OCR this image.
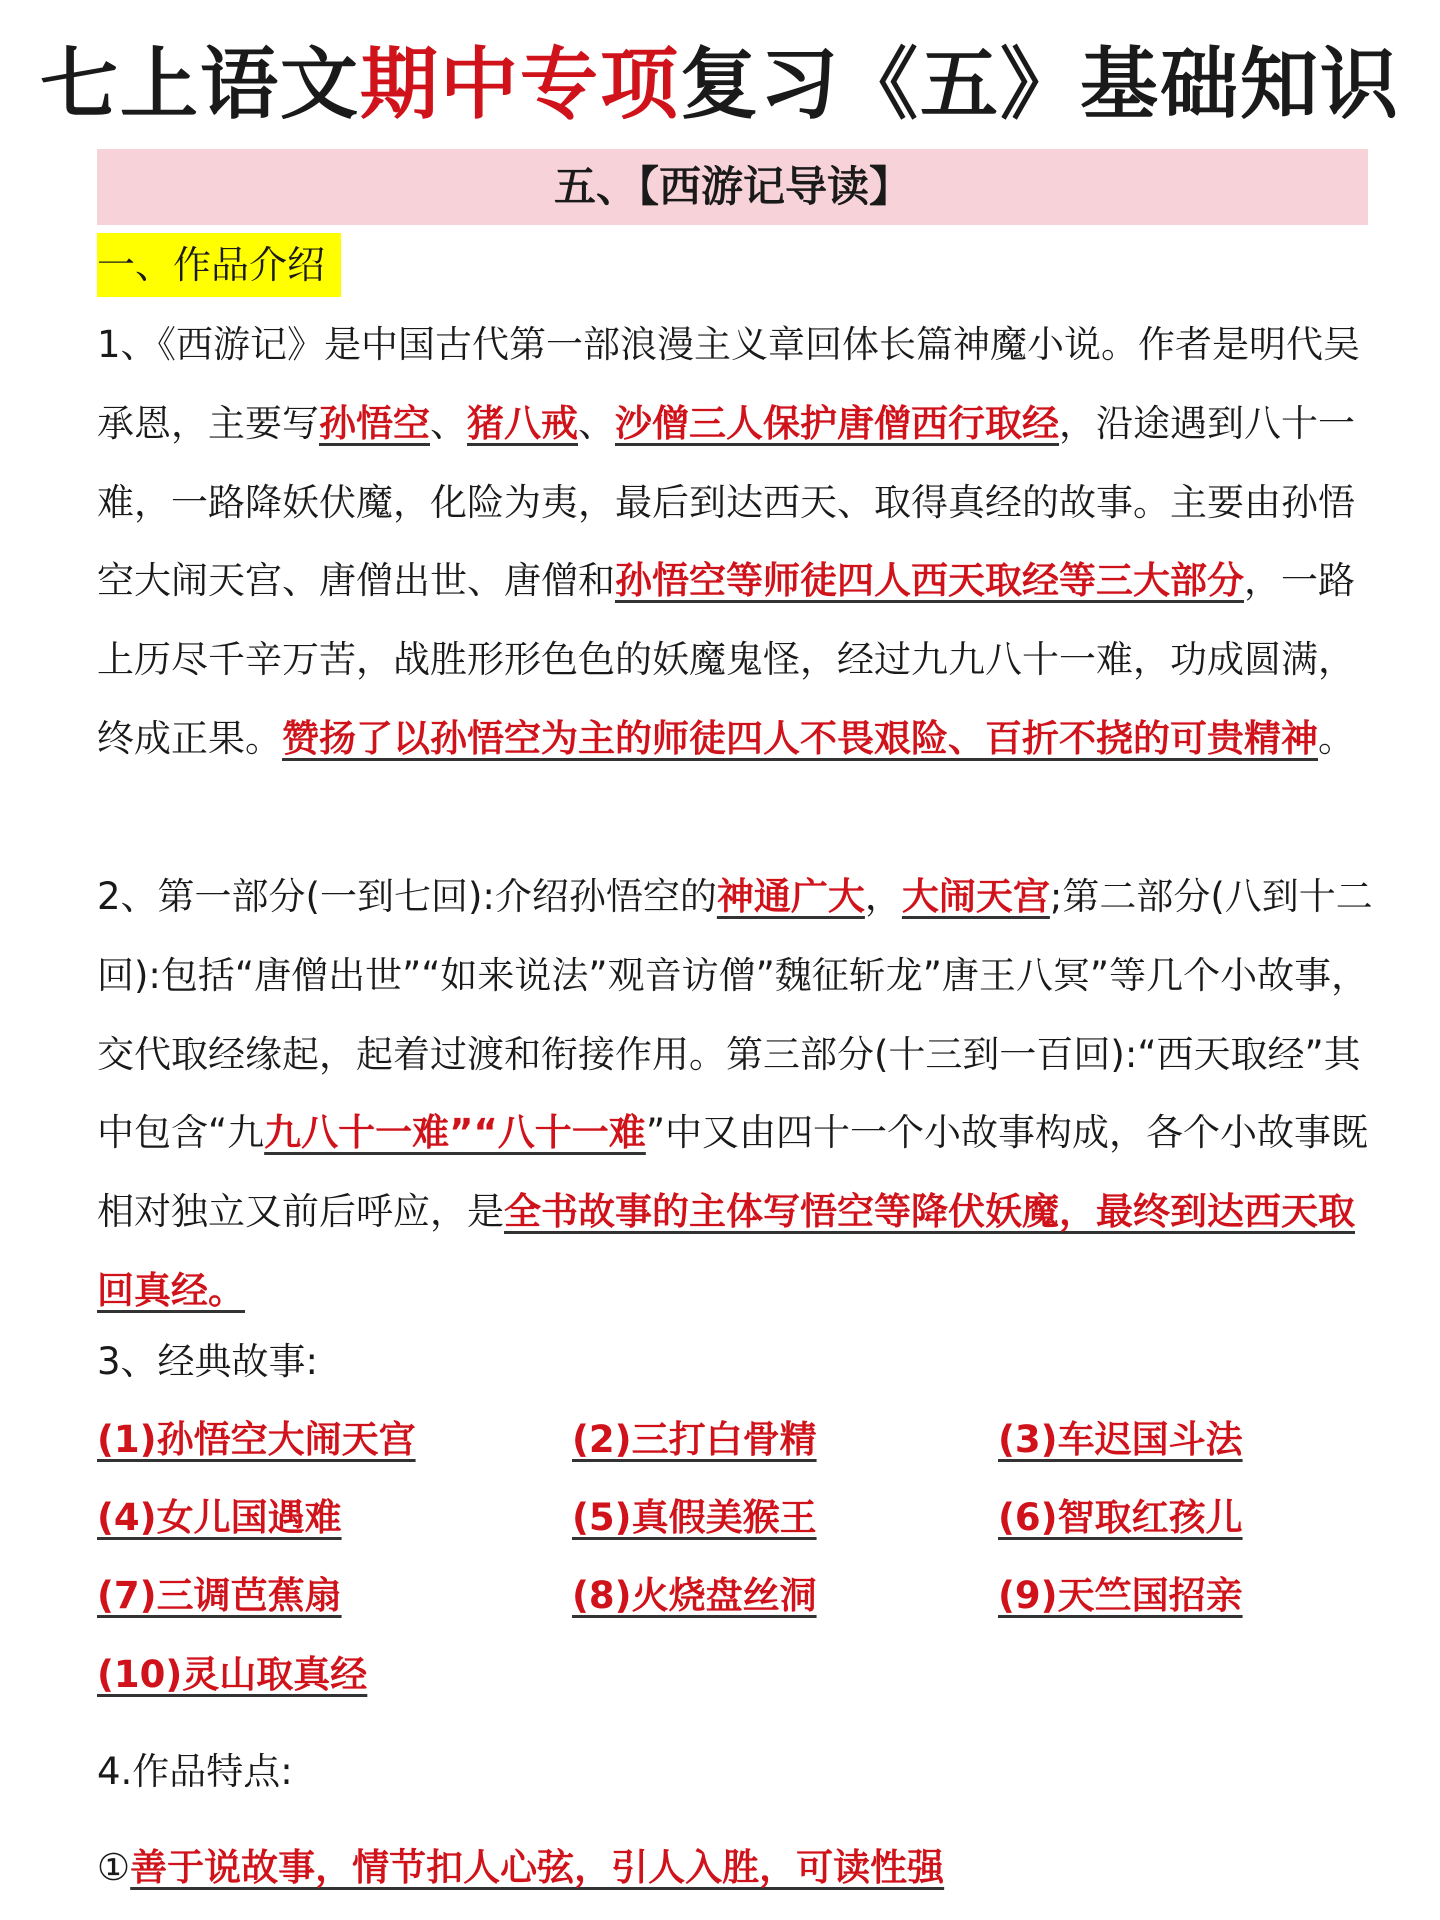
七上语文期中专项复习《五》基础知识
五、【西游记导读】
一、作品介绍
1、《西游记》是中国古代第一部浪漫主义章回体长篇神魔小说。作者是明代吴承恩，主要写孙悟空、猪八戒、沙僧三人保护唐僧西行取经，沿途遇到八十一难，一路降妖伏魔，化险为夷，最后到达西天、取得真经的故事。主要由孙悟空大闹天宫、唐僧出世、唐僧和孙悟空等师徒四人西天取经等三大部分，一路上历尽千辛万苦，战胜形形色色的妖魔鬼怪，经过九九八十一难，功成圆满，终成正果。赞扬了以孙悟空为主的师徒四人不畏艰险、百折不挠的可贵精神。
2、第一部分(一到七回):介绍孙悟空的神通广大，大闹天宫;第二部分(八到十二回):包括“唐僧出世”“如来说法”观音访僧”魏征斩龙”唐王八冥”等几个小故事，交代取经缘起，起着过渡和衔接作用。第三部分(十三到一百回):“西天取经”其中包含“九九八十一难”“八十一难”中又由四十一个小故事构成，各个小故事既相对独立又前后呼应，是全书故事的主体写悟空等降伏妖魔，最终到达西天取回真经。
3、经典故事:
(1)孙悟空大闹天宫	(2)三打白骨精	(3)车迟国斗法
(4)女儿国遇难	(5)真假美猴王	(6)智取红孩儿
(7)三调芭蕉扇	(8)火烧盘丝洞	(9)天竺国招亲
(10)灵山取真经
4.作品特点:
①善于说故事，情节扣人心弦，引人入胜，可读性强
